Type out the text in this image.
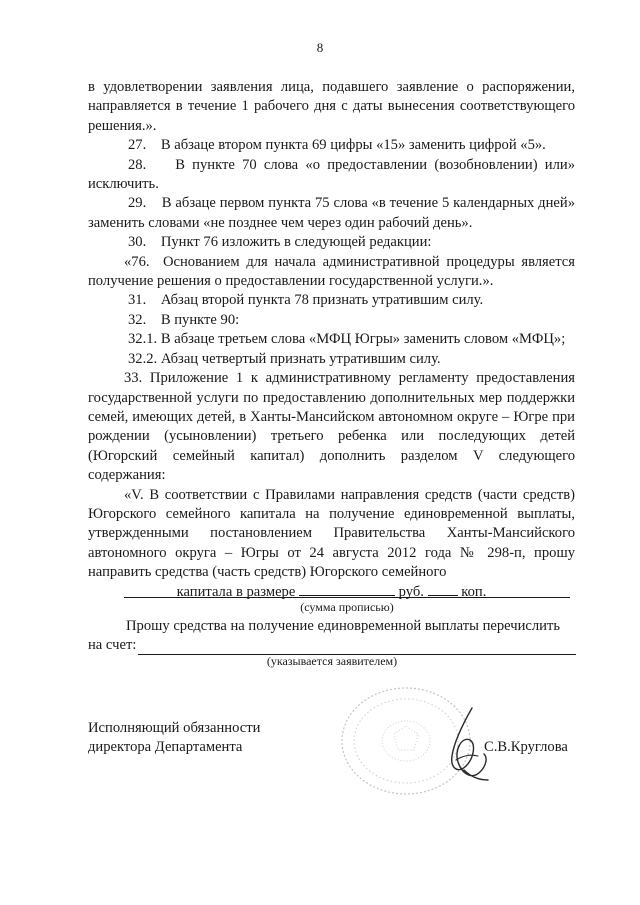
8

в удовлетворении заявления лица, подавшего заявление о распоряжении, направляется в течение 1 рабочего дня с даты вынесения соответствующего решения.».

27.    В абзаце втором пункта 69 цифры «15» заменить цифрой «5».

28.    В пункте 70 слова «о предоставлении (возобновлении) или» исключить.

29.    В абзаце первом пункта 75 слова «в течение 5 календарных дней» заменить словами «не позднее чем через один рабочий день».

30.    Пункт 76 изложить в следующей редакции:

«76.  Основанием для начала административной процедуры является получение решения о предоставлении государственной услуги.».

31.    Абзац второй пункта 78 признать утратившим силу.

32.    В пункте 90:

32.1. В абзаце третьем слова «МФЦ Югры» заменить словом «МФЦ»;

32.2. Абзац четвертый признать утратившим силу.

33. Приложение 1 к административному регламенту предоставления государственной услуги по предоставлению дополнительных мер поддержки семей, имеющих детей, в Ханты-Мансийском автономном округе – Югре при рождении (усыновлении) третьего ребенка или последующих детей (Югорский семейный капитал) дополнить разделом V следующего содержания:

«V. В соответствии с Правилами направления средств (части средств) Югорского семейного капитала на получение единовременной выплаты, утвержденными постановлением Правительства Ханты-Мансийского автономного округа – Югры от 24 августа 2012 года № 298-п, прошу направить средства (часть средств) Югорского семейного

капитала в размере	руб.	коп.

(сумма прописью)
Прошу средства на получение единовременной выплаты перечислить
на счет:
(указывается заявителем)
Исполняющий обязанности
директора Департамента	С.В.Круглова
